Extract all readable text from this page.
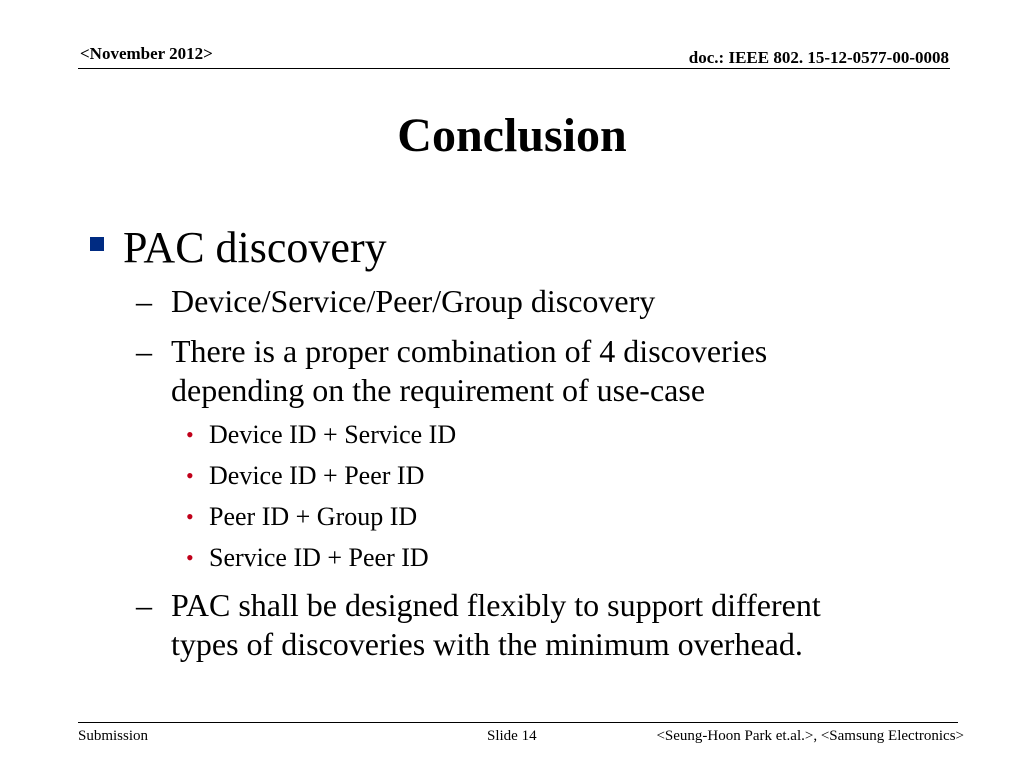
<November 2012>	doc.: IEEE 802. 15-12-0577-00-0008
Conclusion
PAC discovery
– Device/Service/Peer/Group discovery
– There is a proper combination of 4 discoveries
depending on the requirement of use-case
• Device ID + Service ID
• Device ID + Peer ID
• Peer ID + Group ID
• Service ID + Peer ID
– PAC shall be designed flexibly to support different
types of discoveries with the minimum overhead.
Submission	Slide 14	<Seung-Hoon Park et.al.>, <Samsung Electronics>
